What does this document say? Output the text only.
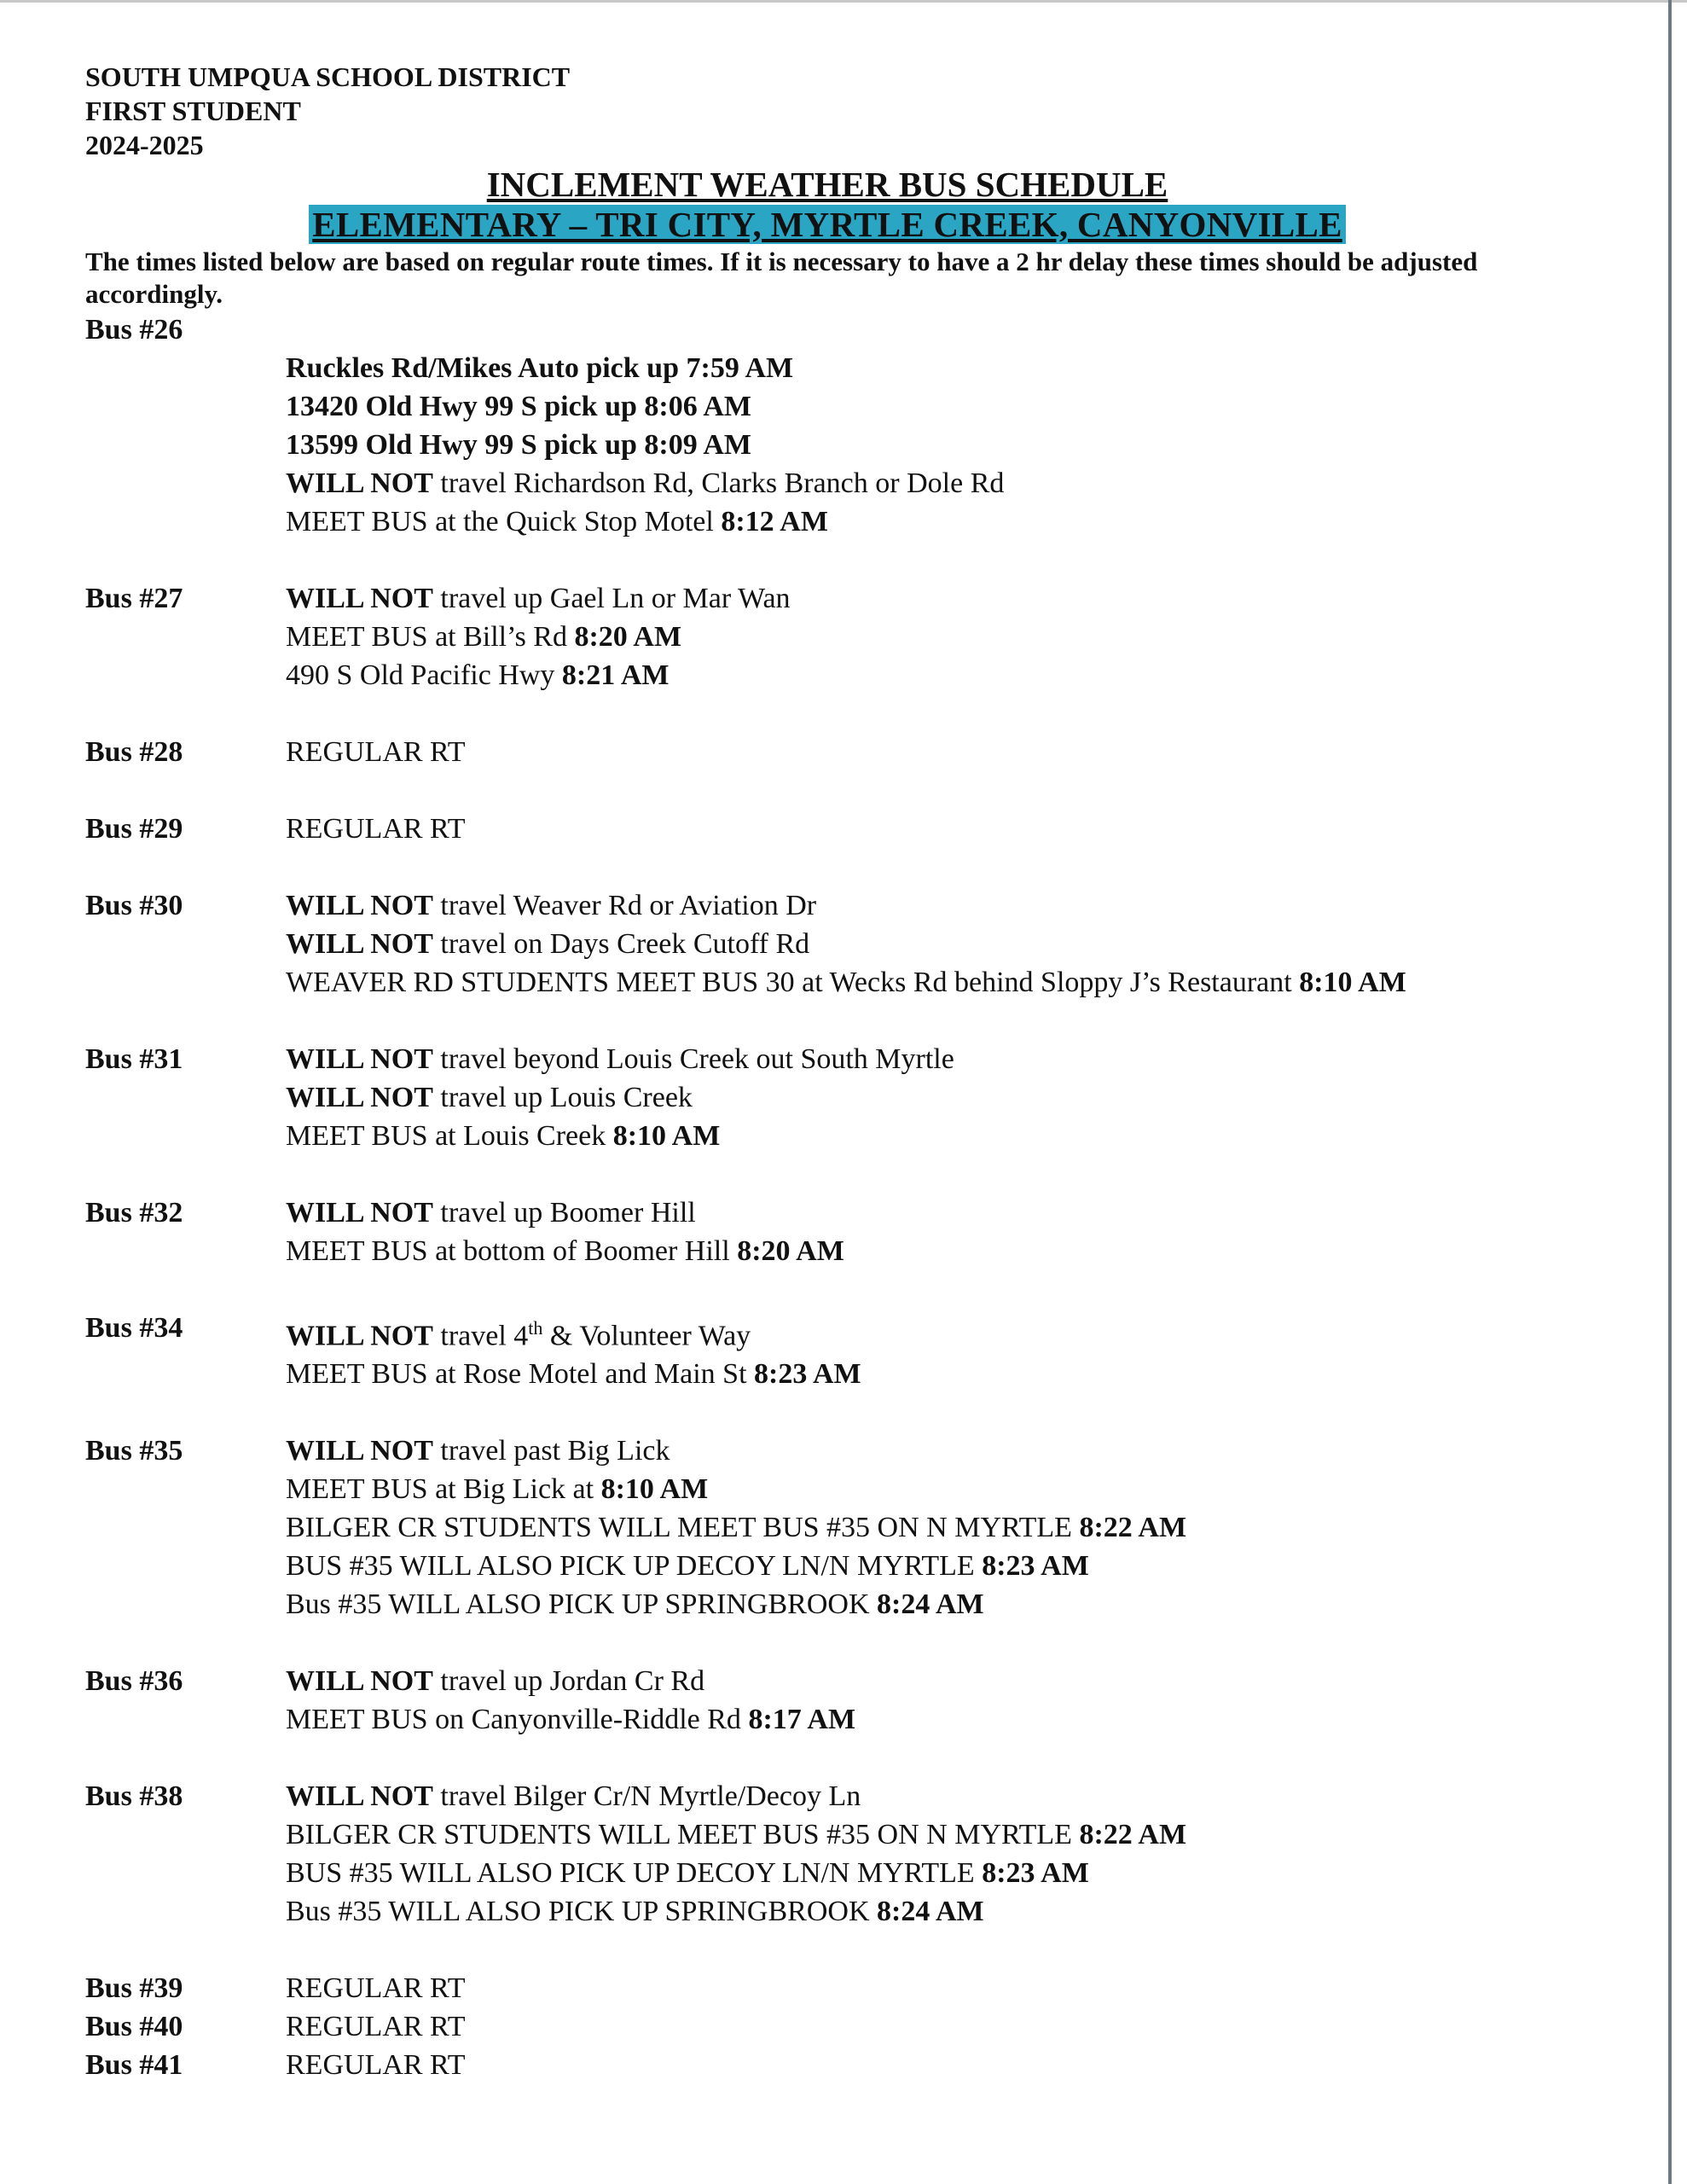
SOUTH UMPQUA SCHOOL DISTRICT
FIRST STUDENT
2024-2025
INCLEMENT WEATHER BUS SCHEDULE
ELEMENTARY – TRI CITY, MYRTLE CREEK, CANYONVILLE
The times listed below are based on regular route times. If it is necessary to have a 2 hr delay these times should be adjusted accordingly.
Bus #26

Ruckles Rd/Mikes Auto pick up 7:59 AM
13420 Old Hwy 99 S pick up 8:06 AM
13599 Old Hwy 99 S pick up 8:09 AM
WILL NOT travel Richardson Rd, Clarks Branch or Dole Rd
MEET BUS at the Quick Stop Motel 8:12 AM
Bus #27	WILL NOT travel up Gael Ln or Mar Wan
MEET BUS at Bill’s Rd 8:20 AM
490 S Old Pacific Hwy 8:21 AM
Bus #28	REGULAR RT
Bus #29	REGULAR RT
Bus #30	WILL NOT travel Weaver Rd or Aviation Dr
WILL NOT travel on Days Creek Cutoff Rd
WEAVER RD STUDENTS MEET BUS 30 at Wecks Rd behind Sloppy J’s Restaurant 8:10 AM
Bus #31	WILL NOT travel beyond Louis Creek out South Myrtle
WILL NOT travel up Louis Creek
MEET BUS at Louis Creek 8:10 AM
Bus #32	WILL NOT travel up Boomer Hill
MEET BUS at bottom of Boomer Hill 8:20 AM
Bus #34	WILL NOT travel 4th & Volunteer Way
MEET BUS at Rose Motel and Main St 8:23 AM
Bus #35	WILL NOT travel past Big Lick
MEET BUS at Big Lick at 8:10 AM
BILGER CR STUDENTS WILL MEET BUS #35 ON N MYRTLE 8:22 AM
BUS #35 WILL ALSO PICK UP DECOY LN/N MYRTLE 8:23 AM
Bus #35 WILL ALSO PICK UP SPRINGBROOK 8:24 AM
Bus #36	WILL NOT travel up Jordan Cr Rd
MEET BUS on Canyonville-Riddle Rd 8:17 AM
Bus #38	WILL NOT travel Bilger Cr/N Myrtle/Decoy Ln
BILGER CR STUDENTS WILL MEET BUS #35 ON N MYRTLE 8:22 AM
BUS #35 WILL ALSO PICK UP DECOY LN/N MYRTLE 8:23 AM
Bus #35 WILL ALSO PICK UP SPRINGBROOK 8:24 AM
Bus #39	REGULAR RT
Bus #40	REGULAR RT
Bus #41	REGULAR RT
